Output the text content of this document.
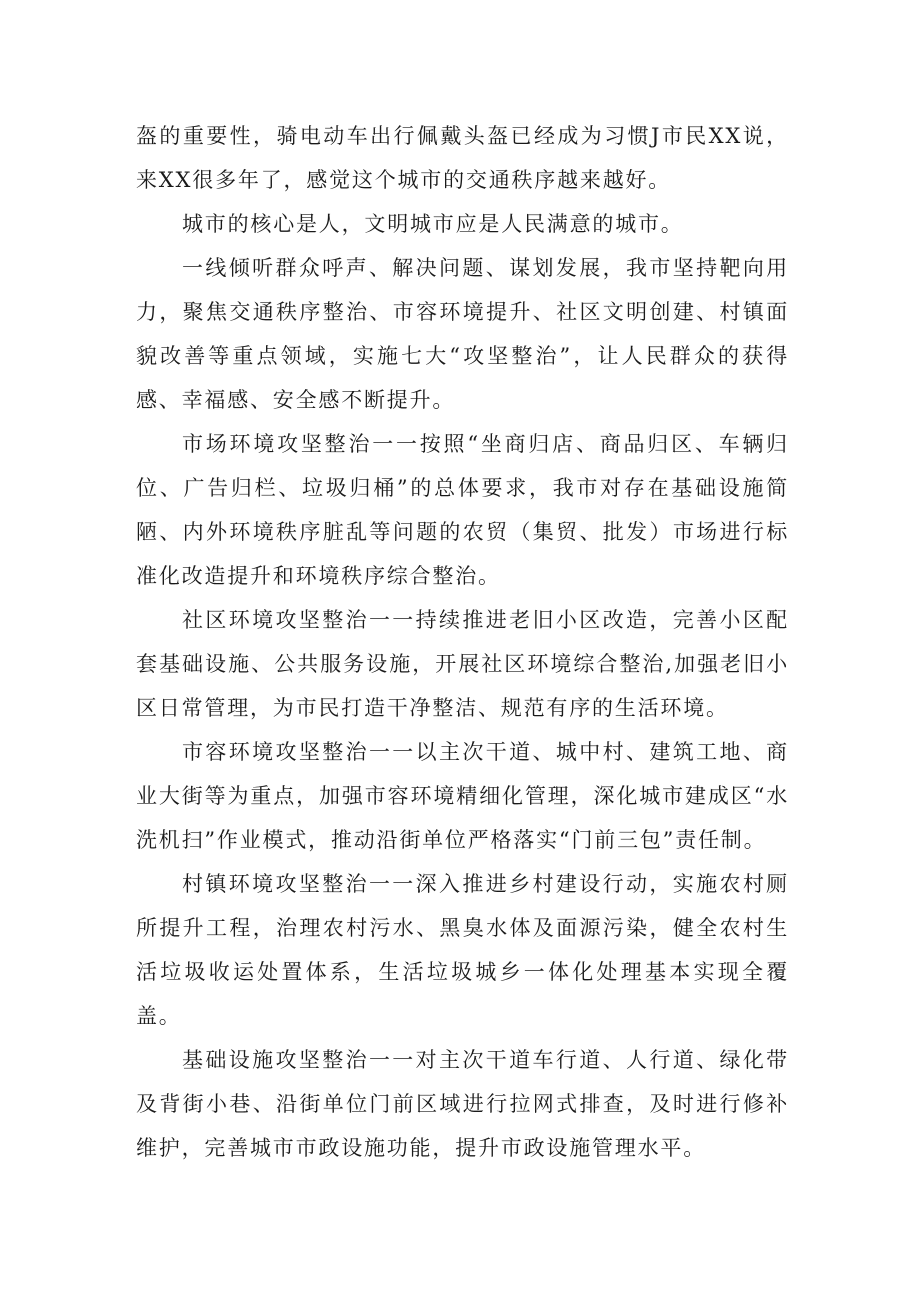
盔的重要性，骑电动车出行佩戴头盔已经成为习惯J市民XX说，来XX很多年了，感觉这个城市的交通秩序越来越好。

城市的核心是人，文明城市应是人民满意的城市。

一线倾听群众呼声、解决问题、谋划发展，我市坚持靶向用力，聚焦交通秩序整治、市容环境提升、社区文明创建、村镇面貌改善等重点领域，实施七大“攻坚整治”，让人民群众的获得感、幸福感、安全感不断提升。

市场环境攻坚整治一一按照“坐商归店、商品归区、车辆归位、广告归栏、垃圾归桶”的总体要求，我市对存在基础设施简陋、内外环境秩序脏乱等问题的农贸（集贸、批发）市场进行标准化改造提升和环境秩序综合整治。

社区环境攻坚整治一一持续推进老旧小区改造，完善小区配套基础设施、公共服务设施，开展社区环境综合整治,加强老旧小区日常管理，为市民打造干净整洁、规范有序的生活环境。

市容环境攻坚整治一一以主次干道、城中村、建筑工地、商业大街等为重点，加强市容环境精细化管理，深化城市建成区“水洗机扫”作业模式，推动沿街单位严格落实“门前三包”责任制。

村镇环境攻坚整治一一深入推进乡村建设行动，实施农村厕所提升工程，治理农村污水、黑臭水体及面源污染，健全农村生活垃圾收运处置体系，生活垃圾城乡一体化处理基本实现全覆盖。

基础设施攻坚整治一一对主次干道车行道、人行道、绿化带及背街小巷、沿街单位门前区域进行拉网式排查，及时进行修补维护，完善城市市政设施功能，提升市政设施管理水平。
